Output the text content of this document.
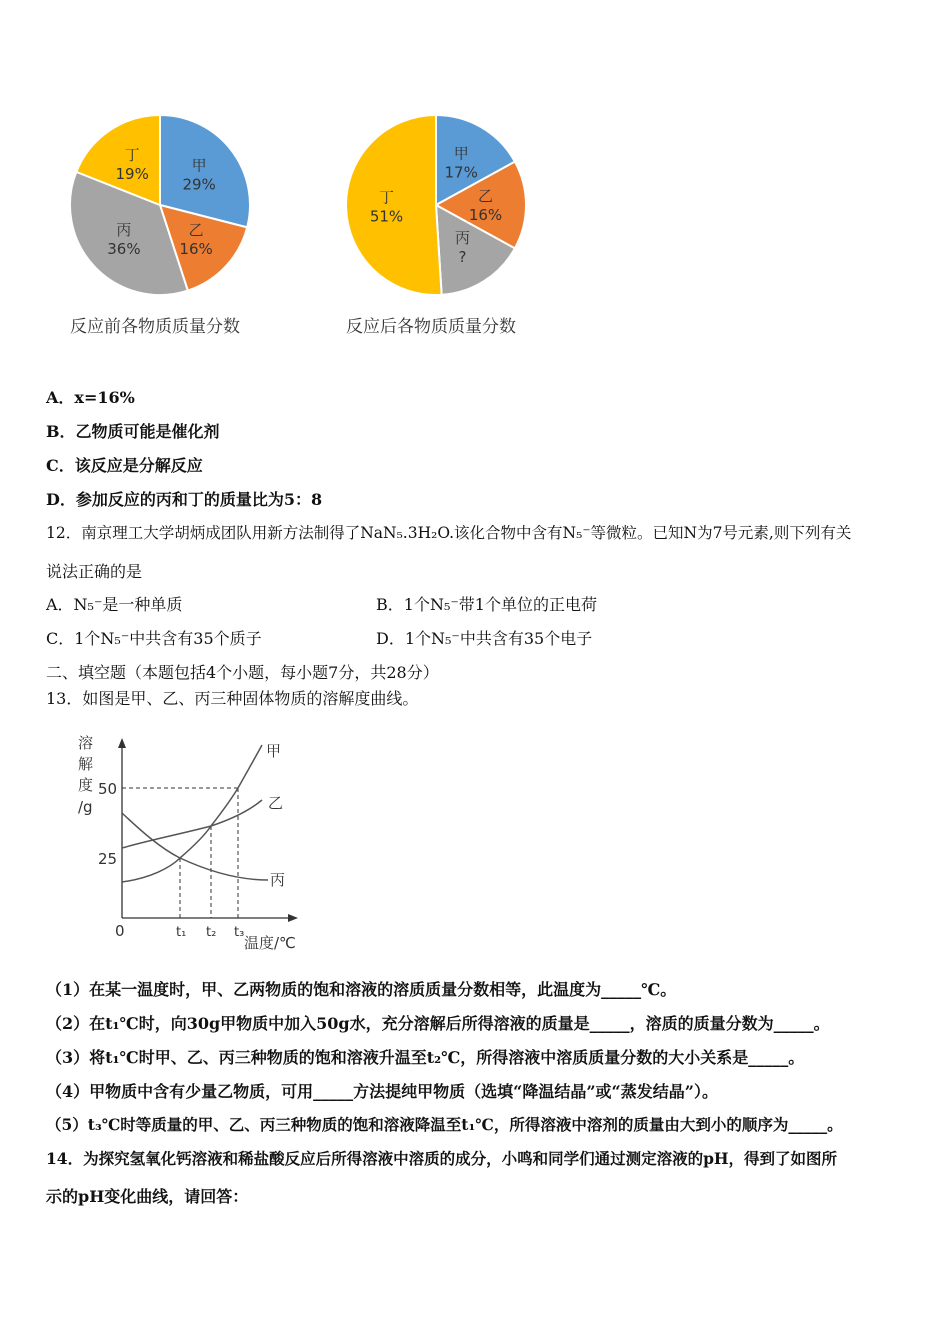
甲
29%
乙
16%
丙
36%
丁
19%
反应前各物质质量分数
甲
17%
乙
16%
丙
?
丁
51%
反应后各物质质量分数
A．x=16%
B．乙物质可能是催化剂
C．该反应是分解反应
D．参加反应的丙和丁的质量比为5：8
12．南京理工大学胡炳成团队用新方法制得了NaN₅.3H₂O.该化合物中含有N₅⁻等微粒。已知N为7号元素,则下列有关
说法正确的是
A．N₅⁻是一种单质	B．1个N₅⁻带1个单位的正电荷
C．1个N₅⁻中共含有35个质子	D．1个N₅⁻中共含有35个电子
二、填空题（本题包括4个小题，每小题7分，共28分）
13．如图是甲、乙、丙三种固体物质的溶解度曲线。
溶
解
度
/g
50
25
0	t₁ t₂ t₃
温度/℃
甲
乙
丙
（1）在某一温度时，甲、乙两物质的饱和溶液的溶质质量分数相等，此温度为_____℃。
（2）在t₁℃时，向30g甲物质中加入50g水，充分溶解后所得溶液的质量是_____，溶质的质量分数为_____。
（3）将t₁℃时甲、乙、丙三种物质的饱和溶液升温至t₂℃，所得溶液中溶质质量分数的大小关系是_____。
（4）甲物质中含有少量乙物质，可用_____方法提纯甲物质（选填“降温结晶”或“蒸发结晶”）。
（5）t₃℃时等质量的甲、乙、丙三种物质的饱和溶液降温至t₁℃，所得溶液中溶剂的质量由大到小的顺序为_____。
14．为探究氢氧化钙溶液和稀盐酸反应后所得溶液中溶质的成分，小鸣和同学们通过测定溶液的pH，得到了如图所
示的pH变化曲线，请回答：
